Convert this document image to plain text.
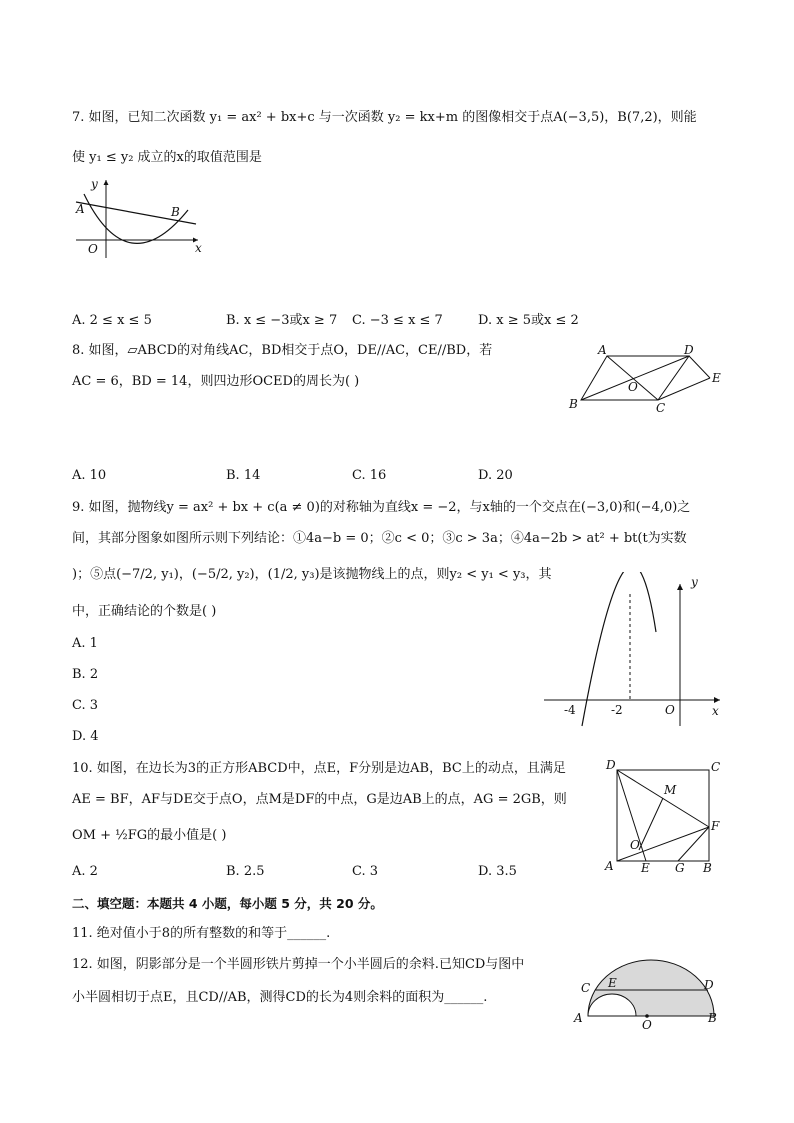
7. 如图，已知二次函数 y₁ = ax² + bx+c 与一次函数 y₂ = kx+m 的图像相交于点A(−3,5)，B(7,2)，则能
使 y₁ ≤ y₂ 成立的x的取值范围是
y
x
O
A	B
A. 2 ≤ x ≤ 5	B. x ≤ −3或x ≥ 7 C. −3 ≤ x ≤ 7	D. x ≥ 5或x ≤ 2
8. 如图，▱ABCD的对角线AC，BD相交于点O，DE//AC，CE//BD，若
AC = 6，BD = 14，则四边形OCED的周长为( )
A	D
E
O
B	C
A. 10	B. 14	C. 16	D. 20
9. 如图，抛物线y = ax² + bx + c(a ≠ 0)的对称轴为直线x = −2，与x轴的一个交点在(−3,0)和(−4,0)之
间，其部分图象如图所示则下列结论：①4a−b = 0；②c < 0；③c > 3a；④4a−2b > at² + bt(t为实数
)；⑤点(−7/2, y₁)，(−5/2, y₂)，(1/2, y₃)是该抛物线上的点，则y₂ < y₁ < y₃，其
中，正确结论的个数是( )
A. 1
B. 2
C. 3
D. 4
y
x
O
-4	-2
10. 如图，在边长为3的正方形ABCD中，点E，F分别是边AB，BC上的动点，且满足
AE = BF，AF与DE交于点O，点M是DF的中点，G是边AB上的点，AG = 2GB，则
OM + ½FG的最小值是( )
A. 2	B. 2.5	C. 3	D. 3.5
D	C
M
F
O
A E G B
二、填空题：本题共 4 小题，每小题 5 分，共 20 分。
11. 绝对值小于8的所有整数的和等于______.
12. 如图，阴影部分是一个半圆形铁片剪掉一个小半圆后的余料.已知CD与图中
小半圆相切于点E，且CD//AB，测得CD的长为4则余料的面积为______.
C E	D
A	O	B
